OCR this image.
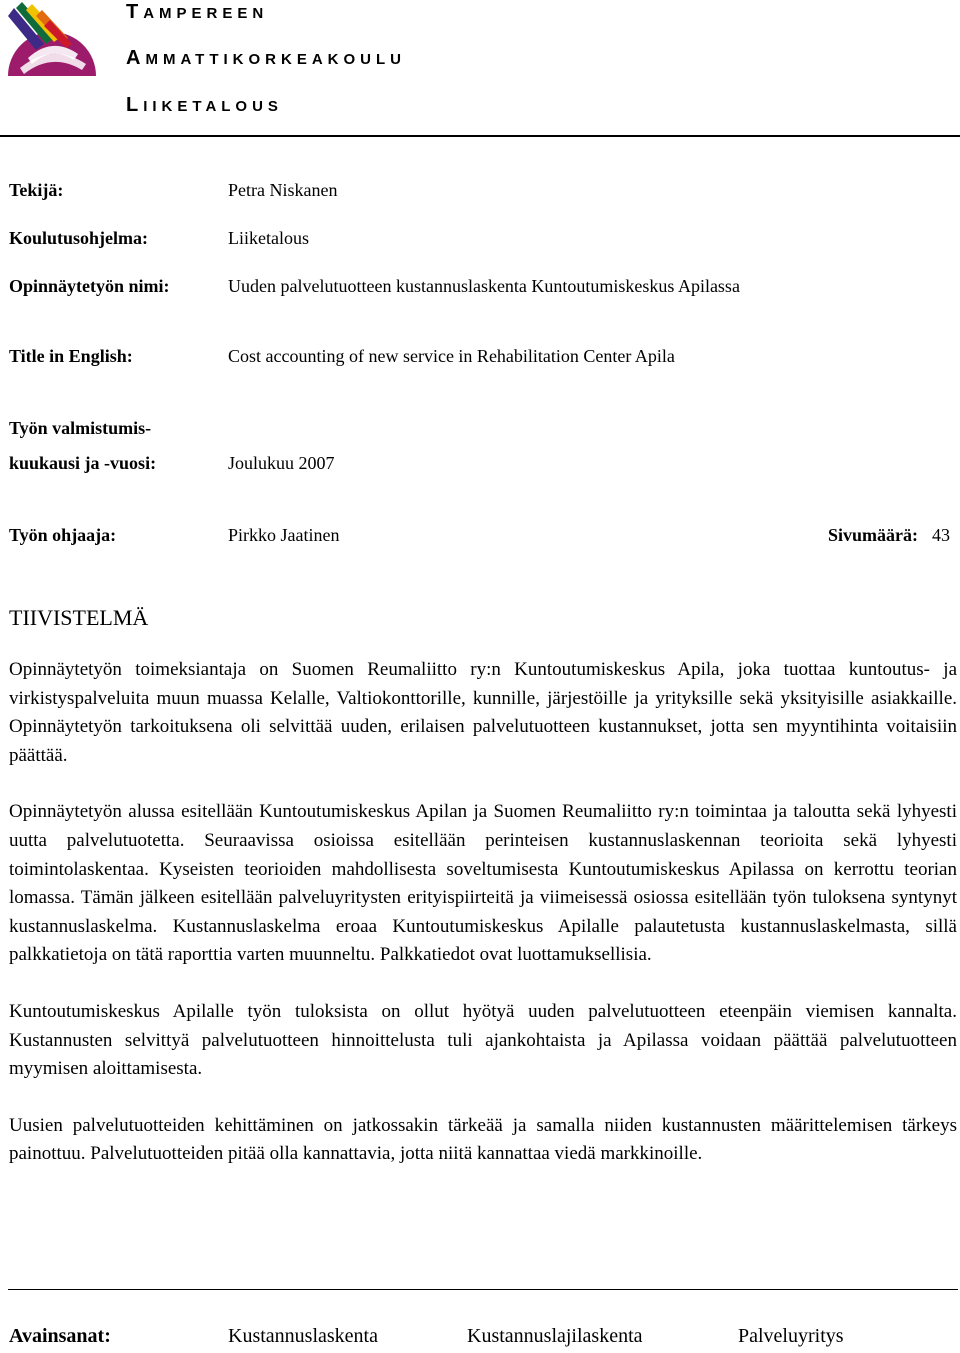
TAMPEREEN
AMMATTIKORKEAKOULU
LIIKETALOUS
Tekijä:	Petra Niskanen
Koulutusohjelma:	Liiketalous
Opinnäytetyön nimi:	Uuden palvelutuotteen kustannuslaskenta Kuntoutumiskeskus Apilassa
Title in English:	Cost accounting of new service in Rehabilitation Center Apila
Työn valmistumis-
kuukausi ja -vuosi:	Joulukuu 2007
Työn ohjaaja:	Pirkko Jaatinen	Sivumäärä: 43
TIIVISTELMÄ

Opinnäytetyön toimeksiantaja on Suomen Reumaliitto ry:n Kuntoutumiskeskus Apila, joka tuottaa kuntoutus- ja virkistyspalveluita muun muassa Kelalle, Valtiokonttorille, kunnille, järjestöille ja yrityksille sekä yksityisille asiakkaille. Opinnäytetyön tarkoituksena oli selvittää uuden, erilaisen palvelutuotteen kustannukset, jotta sen myyntihinta voitaisiin päättää.

Opinnäytetyön alussa esitellään Kuntoutumiskeskus Apilan ja Suomen Reumaliitto ry:n toimintaa ja taloutta sekä lyhyesti uutta palvelutuotetta. Seuraavissa osioissa esitellään perinteisen kustannuslaskennan teorioita sekä lyhyesti toimintolaskentaa. Kyseisten teorioiden mahdollisesta soveltumisesta Kuntoutumiskeskus Apilassa on kerrottu teorian lomassa. Tämän jälkeen esitellään palveluyritysten erityispiirteitä ja viimeisessä osiossa esitellään työn tuloksena syntynyt kustannuslaskelma. Kustannuslaskelma eroaa Kuntoutumiskeskus Apilalle palautetusta kustannuslaskelmasta, sillä palkkatietoja on tätä raporttia varten muunneltu. Palkkatiedot ovat luottamuksellisia.

Kuntoutumiskeskus Apilalle työn tuloksista on ollut hyötyä uuden palvelutuotteen eteenpäin viemisen kannalta. Kustannusten selvittyä palvelutuotteen hinnoittelusta tuli ajankohtaista ja Apilassa voidaan päättää palvelutuotteen myymisen aloittamisesta.

Uusien palvelutuotteiden kehittäminen on jatkossakin tärkeää ja samalla niiden kustannusten määrittelemisen tärkeys painottuu. Palvelutuotteiden pitää olla kannattavia, jotta niitä kannattaa viedä markkinoille.

Avainsanat:	Kustannuslaskenta	Kustannuslajilaskenta	Palveluyritys
